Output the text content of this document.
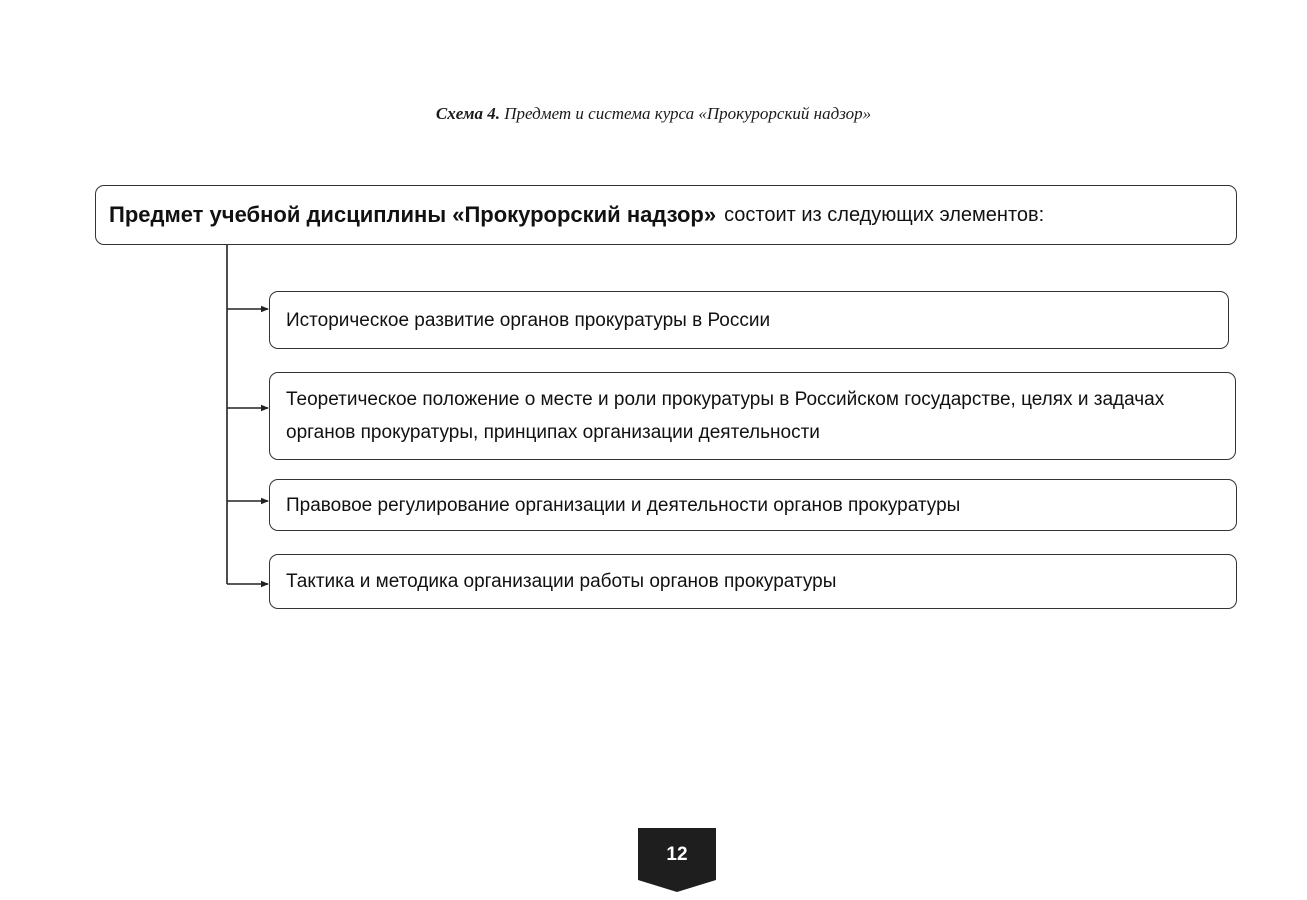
Схема 4. Предмет и система курса «Прокурорский надзор»
Предмет учебной дисциплины «Прокурорский надзор» состоит из следующих элементов:
Историческое развитие органов прокуратуры в России
Теоретическое положение о месте и роли прокуратуры в Российском государстве, целях и задачах органов прокуратуры, принципах организации деятельности
Правовое регулирование организации и деятельности органов прокуратуры
Тактика и методика организации работы органов прокуратуры
12
